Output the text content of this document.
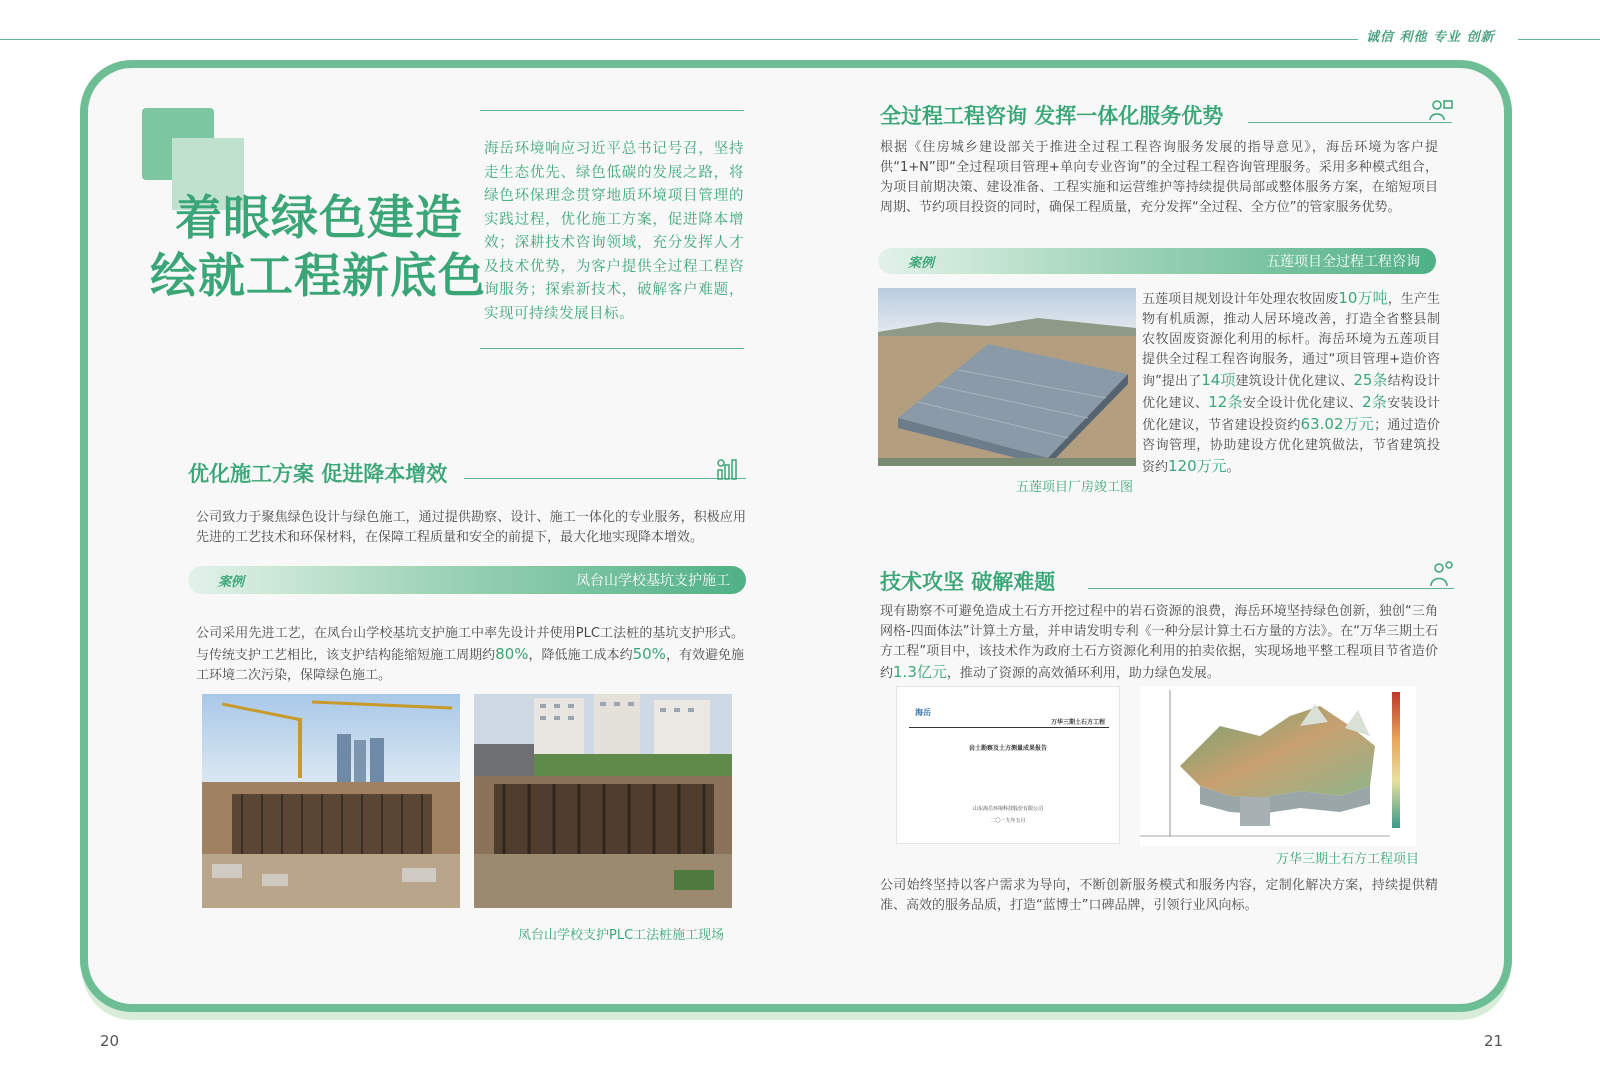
诚信 利他 专业 创新
着眼绿色建造
绘就工程新底色
海岳环境响应习近平总书记号召，坚持走生态优先、绿色低碳的发展之路，将绿色环保理念贯穿地质环境项目管理的实践过程，优化施工方案，促进降本增效；深耕技术咨询领域，充分发挥人才及技术优势，为客户提供全过程工程咨询服务；探索新技术，破解客户难题，实现可持续发展目标。
优化施工方案 促进降本增效
公司致力于聚焦绿色设计与绿色施工，通过提供勘察、设计、施工一体化的专业服务，积极应用先进的工艺技术和环保材料，在保障工程质量和安全的前提下，最大化地实现降本增效。
案例	凤台山学校基坑支护施工
公司采用先进工艺，在凤台山学校基坑支护施工中率先设计并使用PLC工法桩的基坑支护形式。与传统支护工艺相比，该支护结构能缩短施工周期约80%，降低施工成本约50%，有效避免施工环境二次污染，保障绿色施工。
凤台山学校支护PLC工法桩施工现场
20
全过程工程咨询 发挥一体化服务优势
根据《住房城乡建设部关于推进全过程工程咨询服务发展的指导意见》，海岳环境为客户提供“1+N”即“全过程项目管理+单向专业咨询”的全过程工程咨询管理服务。采用多种模式组合，为项目前期决策、建设准备、工程实施和运营维护等持续提供局部或整体服务方案，在缩短项目周期、节约项目投资的同时，确保工程质量，充分发挥“全过程、全方位”的管家服务优势。
案例	五莲项目全过程工程咨询
五莲项目厂房竣工图
五莲项目规划设计年处理农牧固废10万吨，生产生物有机质源，推动人居环境改善，打造全省整县制农牧固废资源化利用的标杆。海岳环境为五莲项目提供全过程工程咨询服务，通过“项目管理+造价咨询”提出了14项建筑设计优化建议、25条结构设计优化建议、12条安全设计优化建议、2条安装设计优化建议，节省建设投资约63.02万元；通过造价咨询管理，协助建设方优化建筑做法，节省建筑投资约120万元。
技术攻坚 破解难题
现有勘察不可避免造成土石方开挖过程中的岩石资源的浪费，海岳环境坚持绿色创新，独创“三角网格-四面体法”计算土方量，并申请发明专利《一种分层计算土石方量的方法》。在“万华三期土石方工程”项目中，该技术作为政府土石方资源化利用的拍卖依据，实现场地平整工程项目节省造价约1.3亿元，推动了资源的高效循环利用，助力绿色发展。
海岳
万华三期土石方工程
岩土勘察及土方测量成果报告
山东海岳环境科技股份有限公司
二〇一九年五月
万华三期土石方工程项目
公司始终坚持以客户需求为导向，不断创新服务模式和服务内容，定制化解决方案，持续提供精准、高效的服务品质，打造“蓝博士”口碑品牌，引领行业风向标。
21
